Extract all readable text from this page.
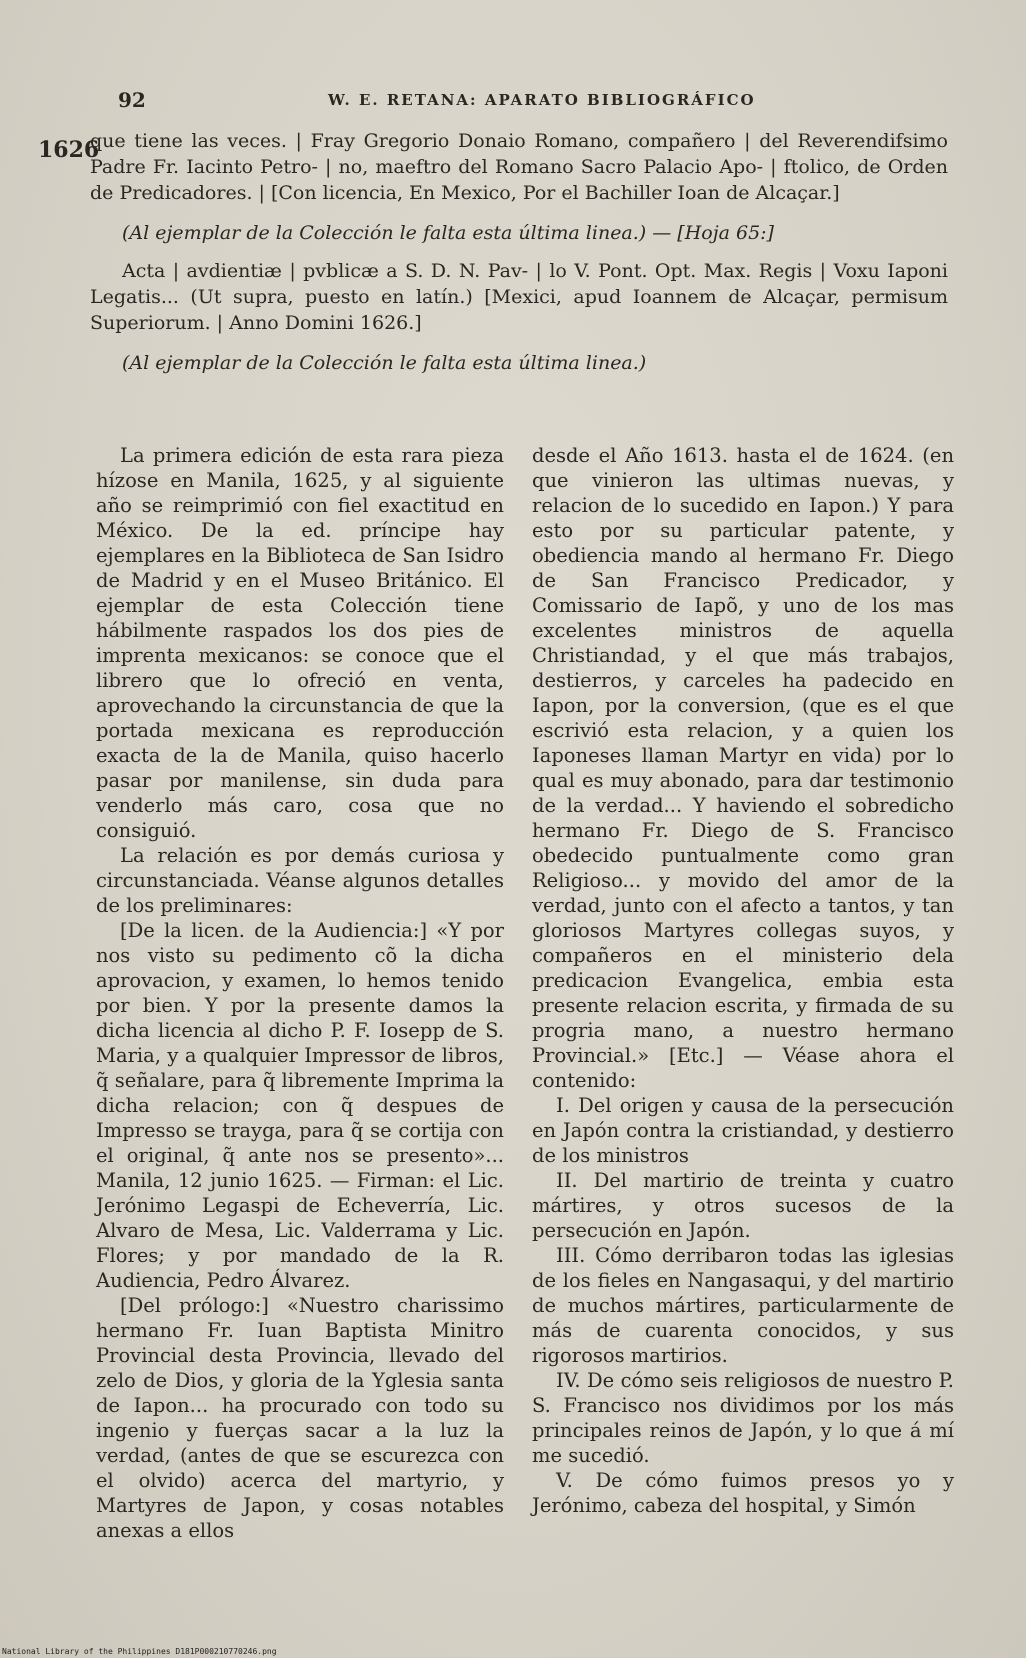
92	W. E. RETANA: APARATO BIBLIOGRÁFICO
1626

que tiene las veces. | Fray Gregorio Donaio Romano, compañero | del Reverendifsimo Padre Fr. Iacinto Petro- | no, maeftro del Romano Sacro Palacio Apo- | ftolico, de Orden de Predicadores. | [Con licencia, En Mexico, Por el Bachiller Ioan de Alcaçar.]

(Al ejemplar de la Colección le falta esta última linea.) — [Hoja 65:]

Acta | avdientiæ | pvblicæ a S. D. N. Pav- | lo V. Pont. Opt. Max. Regis | Voxu Iaponi Legatis... (Ut supra, puesto en latín.) [Mexici, apud Ioannem de Alcaçar, permisum Superiorum. | Anno Domini 1626.]

(Al ejemplar de la Colección le falta esta última linea.)

La primera edición de esta rara pieza hízose en Manila, 1625, y al siguiente año se reimprimió con fiel exactitud en México. De la ed. príncipe hay ejemplares en la Biblioteca de San Isidro de Madrid y en el Museo Británico. El ejemplar de esta Colección tiene hábilmente raspados los dos pies de imprenta mexicanos: se conoce que el librero que lo ofreció en venta, aprovechando la circunstancia de que la portada mexicana es reproducción exacta de la de Manila, quiso hacerlo pasar por manilense, sin duda para venderlo más caro, cosa que no consiguió.

La relación es por demás curiosa y circunstanciada. Véanse algunos detalles de los preliminares:

[De la licen. de la Audiencia:] «Y por nos visto su pedimento cõ la dicha aprovacion, y examen, lo hemos tenido por bien. Y por la presente damos la dicha licencia al dicho P. F. Iosepp de S. Maria, y a qualquier Impressor de libros, q̃ señalare, para q̃ libremente Imprima la dicha relacion; con q̃ despues de Impresso se trayga, para q̃ se cortija con el original, q̃ ante nos se presento»... Manila, 12 junio 1625. — Firman: el Lic. Jerónimo Legaspi de Echeverría, Lic. Alvaro de Mesa, Lic. Valderrama y Lic. Flores; y por mandado de la R. Audiencia, Pedro Álvarez.

[Del prólogo:] «Nuestro charissimo hermano Fr. Iuan Baptista Minitro Provincial desta Provincia, llevado del zelo de Dios, y gloria de la Yglesia santa de Iapon... ha procurado con todo su ingenio y fuerças sacar a la luz la verdad, (antes de que se escurezca con el olvido) acerca del martyrio, y Martyres de Japon, y cosas notables anexas a ellos

desde el Año 1613. hasta el de 1624. (en que vinieron las ultimas nuevas, y relacion de lo sucedido en Iapon.) Y para esto por su particular patente, y obediencia mando al hermano Fr. Diego de San Francisco Predicador, y Comissario de Iapõ, y uno de los mas excelentes ministros de aquella Christiandad, y el que más trabajos, destierros, y carceles ha padecido en Iapon, por la conversion, (que es el que escrivió esta relacion, y a quien los Iaponeses llaman Martyr en vida) por lo qual es muy abonado, para dar testimonio de la verdad... Y haviendo el sobredicho hermano Fr. Diego de S. Francisco obedecido puntualmente como gran Religioso... y movido del amor de la verdad, junto con el afecto a tantos, y tan gloriosos Martyres collegas suyos, y compañeros en el ministerio dela predicacion Evangelica, embia esta presente relacion escrita, y firmada de su progria mano, a nuestro hermano Provincial.» [Etc.] — Véase ahora el contenido:

I. Del origen y causa de la persecución en Japón contra la cristiandad, y destierro de los ministros

II. Del martirio de treinta y cuatro mártires, y otros sucesos de la persecución en Japón.

III. Cómo derribaron todas las iglesias de los fieles en Nangasaqui, y del martirio de muchos mártires, particularmente de más de cuarenta conocidos, y sus rigorosos martirios.

IV. De cómo seis religiosos de nuestro P. S. Francisco nos dividimos por los más principales reinos de Japón, y lo que á mí me sucedió.

V. De cómo fuimos presos yo y Jerónimo, cabeza del hospital, y Simón

National Library of the Philippines D181P000210770246.png
